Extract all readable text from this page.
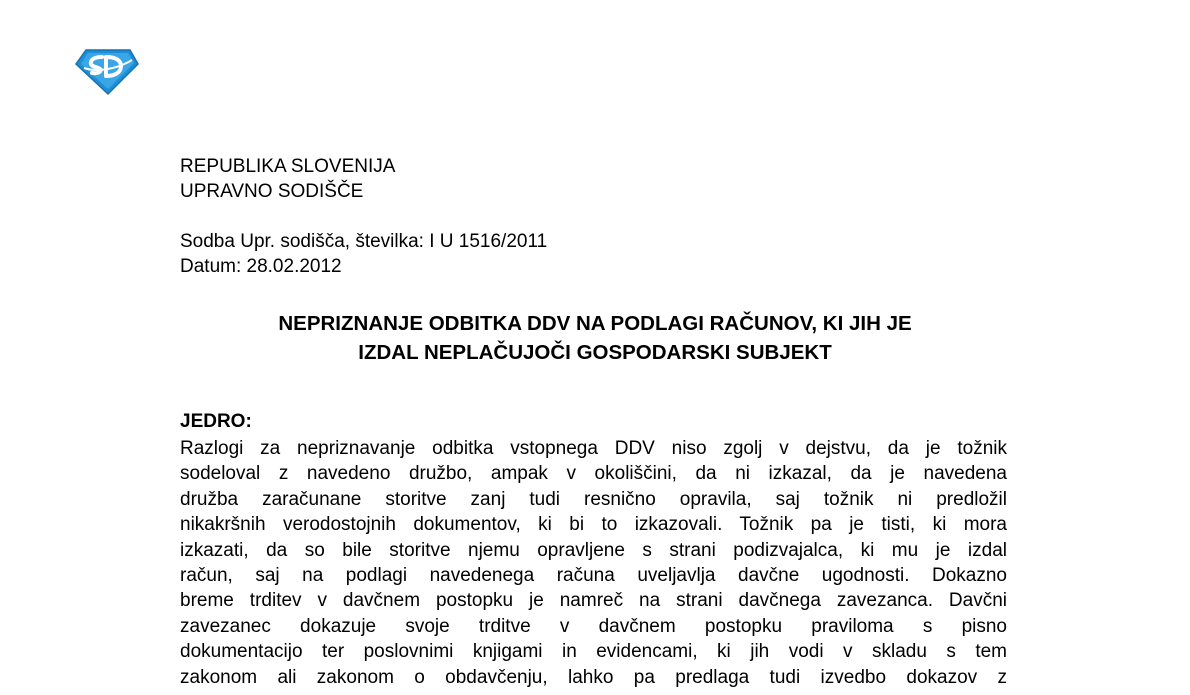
REPUBLIKA SLOVENIJA
UPRAVNO SODIŠČE
Sodba Upr. sodišča, številka: I U 1516/2011
Datum: 28.02.2012
NEPRIZNANJE ODBITKA DDV NA PODLAGI RAČUNOV, KI JIH JE
IZDAL NEPLAČUJOČI GOSPODARSKI SUBJEKT
JEDRO:
Razlogi za nepriznavanje odbitka vstopnega DDV niso zgolj v dejstvu, da je tožnik
sodeloval z navedeno družbo, ampak v okoliščini, da ni izkazal, da je navedena
družba zaračunane storitve zanj tudi resnično opravila, saj tožnik ni predložil
nikakršnih verodostojnih dokumentov, ki bi to izkazovali. Tožnik pa je tisti, ki mora
izkazati, da so bile storitve njemu opravljene s strani podizvajalca, ki mu je izdal
račun, saj na podlagi navedenega računa uveljavlja davčne ugodnosti. Dokazno
breme trditev v davčnem postopku je namreč na strani davčnega zavezanca. Davčni
zavezanec dokazuje svoje trditve v davčnem postopku praviloma s pisno
dokumentacijo ter poslovnimi knjigami in evidencami, ki jih vodi v skladu s tem
zakonom ali zakonom o obdavčenju, lahko pa predlaga tudi izvedbo dokazov z
